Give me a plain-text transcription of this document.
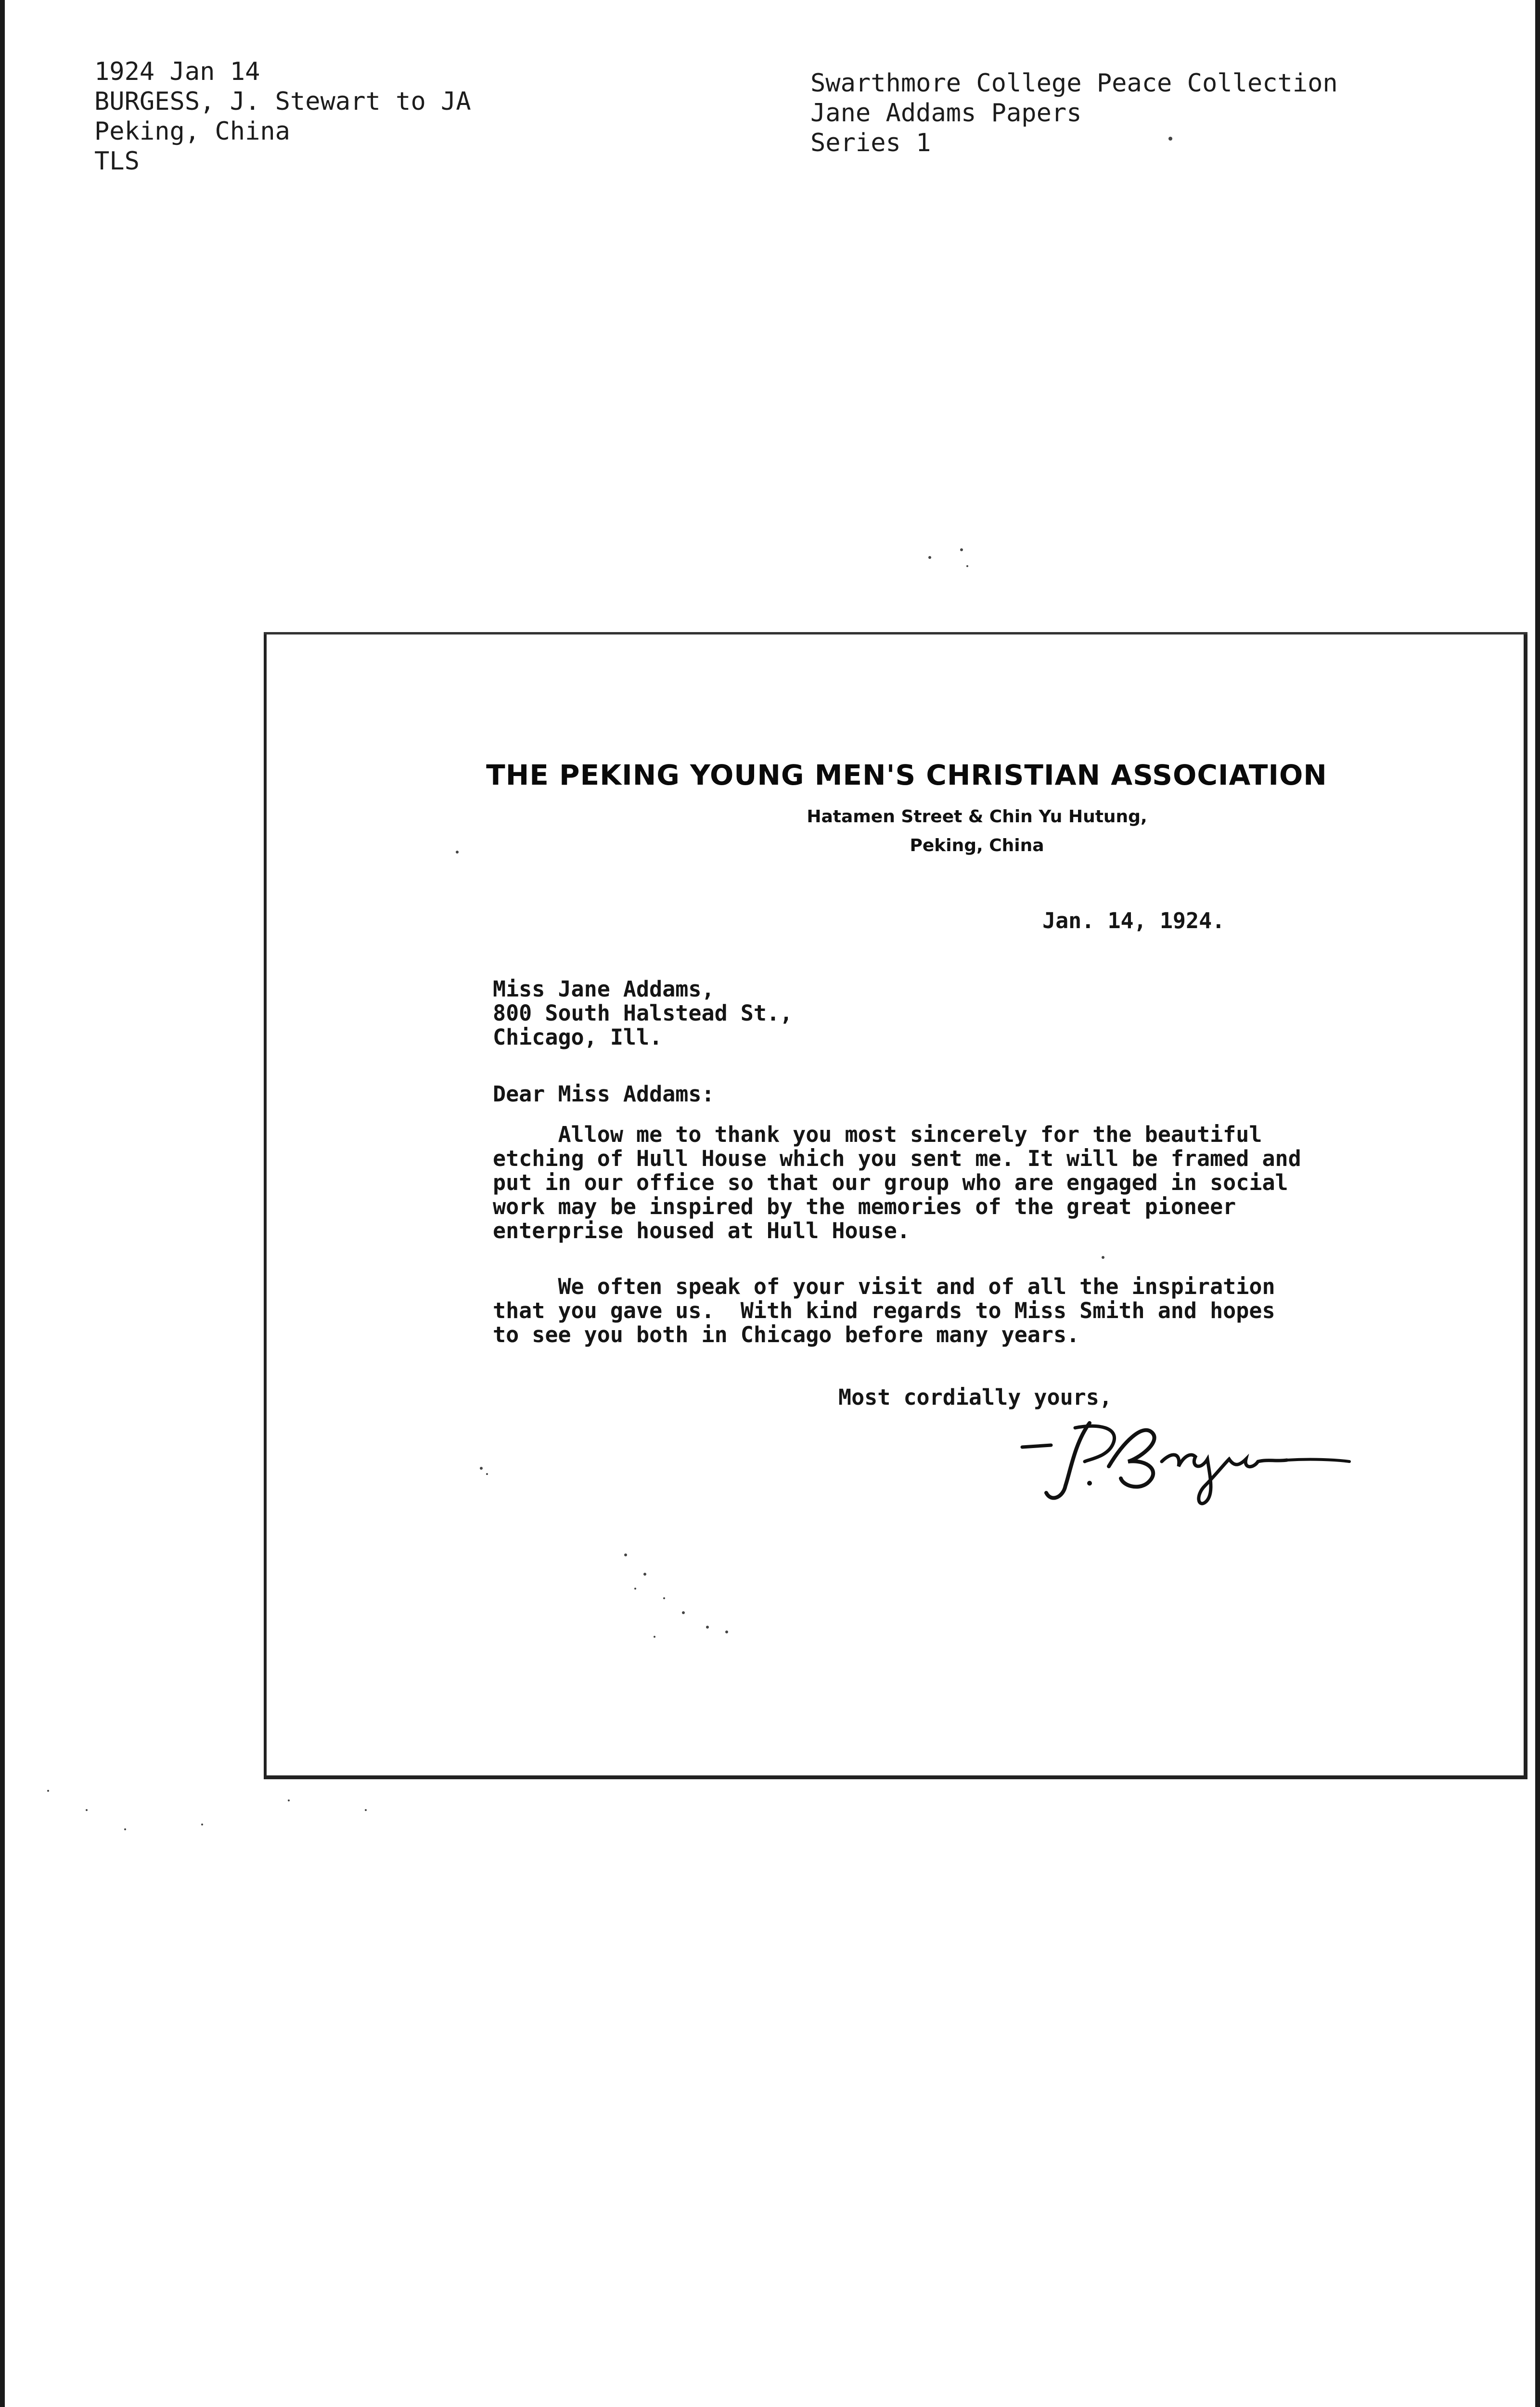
1924 Jan 14
BURGESS, J. Stewart to JA
Peking, China
TLS
Swarthmore College Peace Collection
Jane Addams Papers
Series 1
THE PEKING YOUNG MEN'S CHRISTIAN ASSOCIATION
Hatamen Street & Chin Yu Hutung,
Peking, China
Jan. 14, 1924.
Miss Jane Addams,
800 South Halstead St.,
Chicago, Ill.
Dear Miss Addams:
Allow me to thank you most sincerely for the beautiful
etching of Hull House which you sent me. It will be framed and
put in our office so that our group who are engaged in social
work may be inspired by the memories of the great pioneer
enterprise housed at Hull House.
We often speak of your visit and of all the inspiration
that you gave us.  With kind regards to Miss Smith and hopes
to see you both in Chicago before many years.
Most cordially yours,
